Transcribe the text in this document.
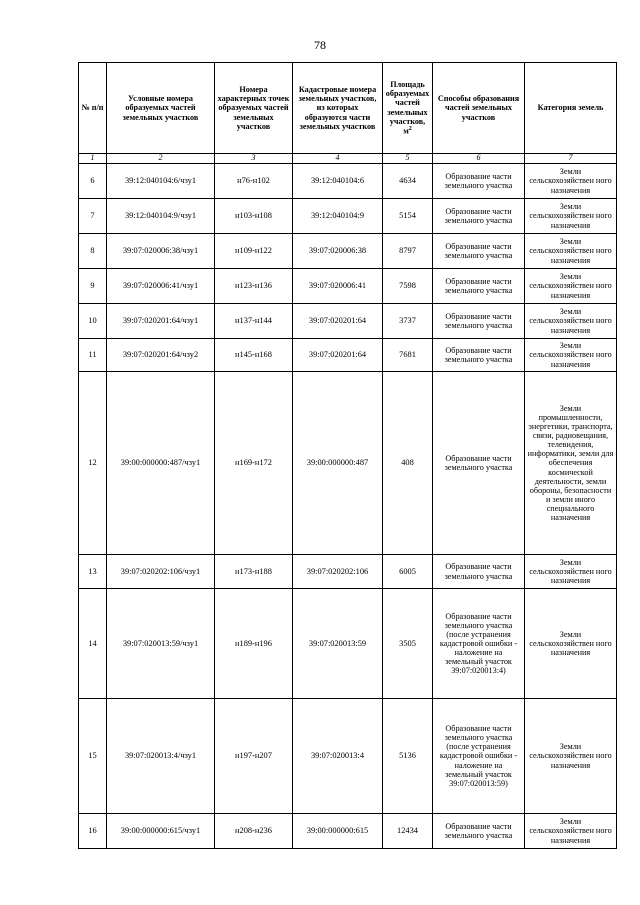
78
№ п/п	Условные номера образуемых частей земельных участков	Номера характерных точек образуемых частей земельных участков	Кадастровые номера земельных участков, из которых образуются части земельных участков	Площадь образуемых частей земельных участков, $м^2$	Способы образования частей земельных участков	Категория земель
1	2	3	4	5	6	7
6	39:12:040104:6/чзу1	н76-н102	39:12:040104:6	4634	Образование части земельного участка	Земли сельскохозяйствен ного назначения
7	39:12:040104:9/чзу1	н103-н108	39:12:040104:9	5154	Образование части земельного участка	Земли сельскохозяйствен ного назначения
8	39:07:020006:38/чзу1	н109-н122	39:07:020006:38	8797	Образование части земельного участка	Земли сельскохозяйствен ного назначения
9	39:07:020006:41/чзу1	н123-н136	39:07:020006:41	7598	Образование части земельного участка	Земли сельскохозяйствен ного назначения
10	39:07:020201:64/чзу1	н137-н144	39:07:020201:64	3737	Образование части земельного участка	Земли сельскохозяйствен ного назначения
11	39:07:020201:64/чзу2	н145-н168	39:07:020201:64	7681	Образование части земельного участка	Земли сельскохозяйствен ного назначения
12	39:00:000000:487/чзу1	н169-н172	39:00:000000:487	408	Образование части земельного участка	Земли промышленности, энергетики, транспорта, связи, радиовещания, телевидения, информатики, земли для обеспечения космической деятельности, земли обороны, безопасности и земли иного специального назначения
13	39:07:020202:106/чзу1	н173-н188	39:07:020202:106	6005	Образование части земельного участка	Земли сельскохозяйствен ного назначения
14	39:07:020013:59/чзу1	н189-н196	39:07:020013:59	3505	Образование части земельного участка (после устранения кадастровой ошибки - наложение на земельный участок 39:07:020013:4)	Земли сельскохозяйствен ного назначения
15	39:07:020013:4/чзу1	н197-н207	39:07:020013:4	5136	Образование части земельного участка (после устранения кадастровой ошибки - наложение на земельный участок 39:07:020013:59)	Земли сельскохозяйствен ного назначения
16	39:00:000000:615/чзу1	н208-н236	39:00:000000:615	12434	Образование части земельного участка	Земли сельскохозяйствен ного назначения
